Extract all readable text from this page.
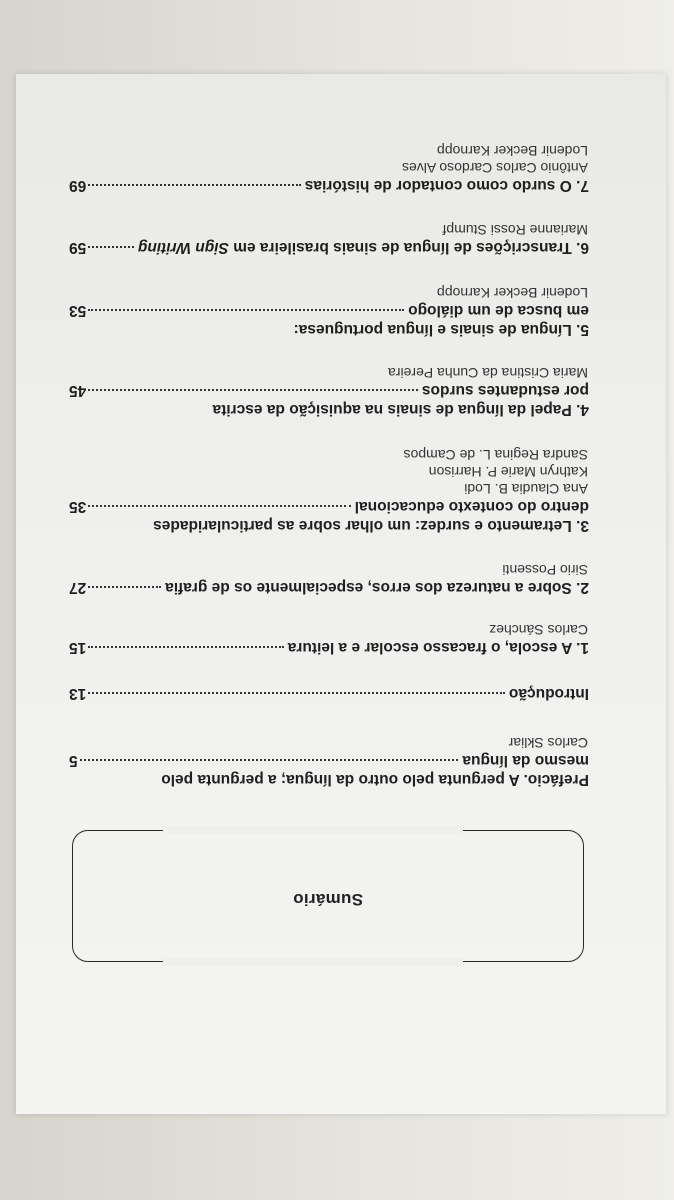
Sumário
Prefácio. A pergunta pelo outro da língua; a pergunta pelo
mesmo da língua
5
Carlos Skliar
Introdução
13
1. A escola, o fracasso escolar e a leitura
15
Carlos Sánchez
2. Sobre a natureza dos erros, especialmente os de grafia
27
Sirio Possenti
3. Letramento e surdez: um olhar sobre as particularidades
dentro do contexto educacional
35
Ana Claudia B. Lodi
Kathryn Marie P. Harrison
Sandra Regina L. de Campos
4. Papel da língua de sinais na aquisição da escrita
por estudantes surdos
45
Maria Cristina da Cunha Pereira
5. Língua de sinais e língua portuguesa:
em busca de um diálogo
53
Lodenir Becker Karnopp
6. Transcrições de língua de sinais brasileira em Sign Writing
59
Marianne Rossi Stumpf
7. O surdo como contador de histórias
69
Antônio Carlos Cardoso Alves
Lodenir Becker Karnopp
